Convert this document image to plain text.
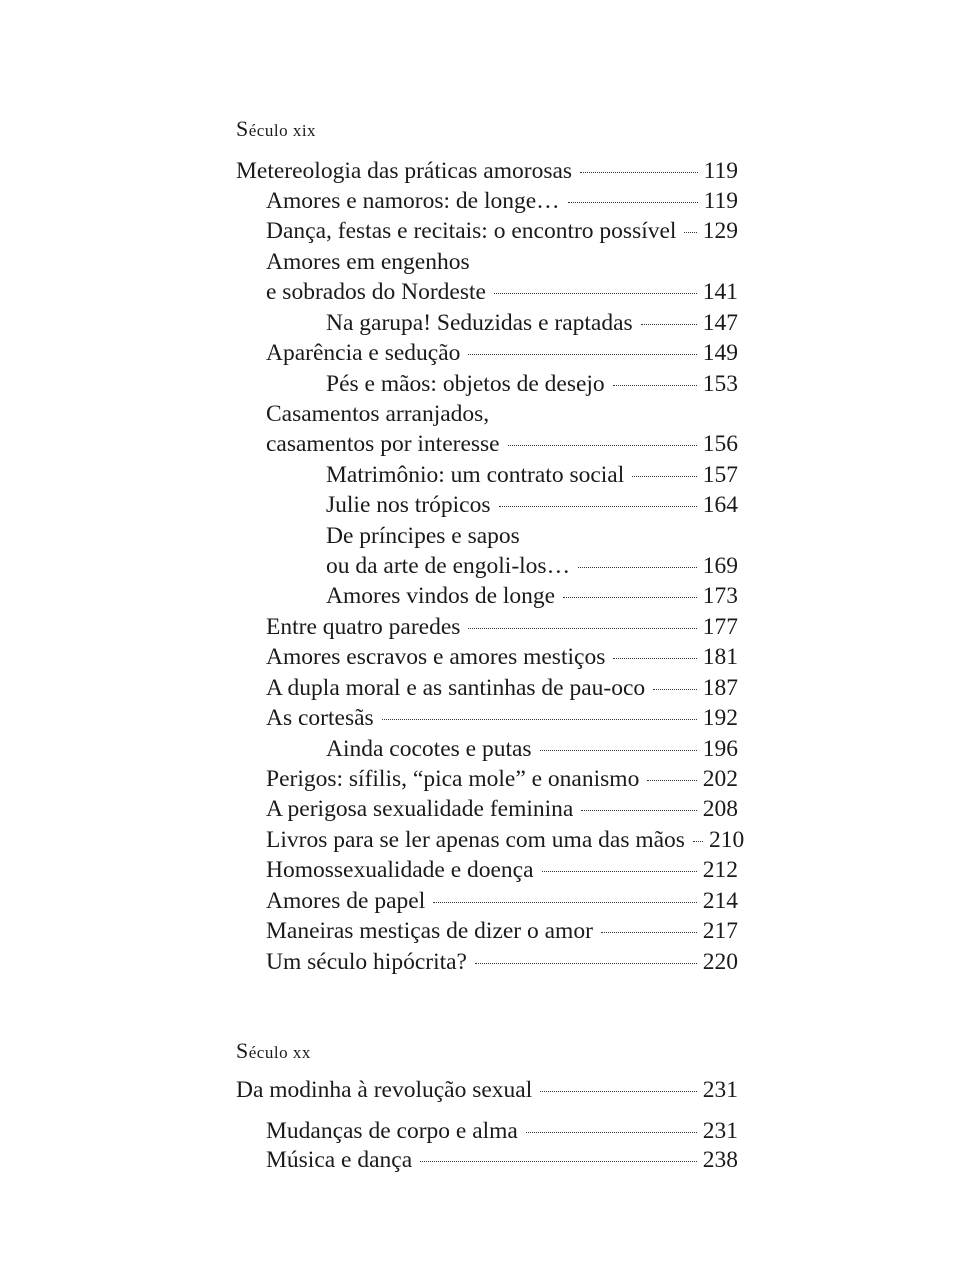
Século xix
Metereologia das práticas amorosas	119
Amores e namoros: de longe…	119
Dança, festas e recitais: o encontro possível 129
Amores em engenhos
e sobrados do Nordeste	141
Na garupa! Seduzidas e raptadas	147
Aparência e sedução	149
Pés e mãos: objetos de desejo	153
Casamentos arranjados,
casamentos por interesse	156
Matrimônio: um contrato social	157
Julie nos trópicos	164
De príncipes e sapos
ou da arte de engoli-los…	169
Amores vindos de longe	173
Entre quatro paredes	177
Amores escravos e amores mestiços	181
A dupla moral e as santinhas de pau-oco 187
As cortesãs	192
Ainda cocotes e putas	196
Perigos: sífilis, “pica mole” e onanismo	202
A perigosa sexualidade feminina	208
Livros para se ler apenas com uma das mãos 210
Homossexualidade e doença	212
Amores de papel	214
Maneiras mestiças de dizer o amor	217
Um século hipócrita?	220
Século xx
Da modinha à revolução sexual	231
Mudanças de corpo e alma	231
Música e dança	238
